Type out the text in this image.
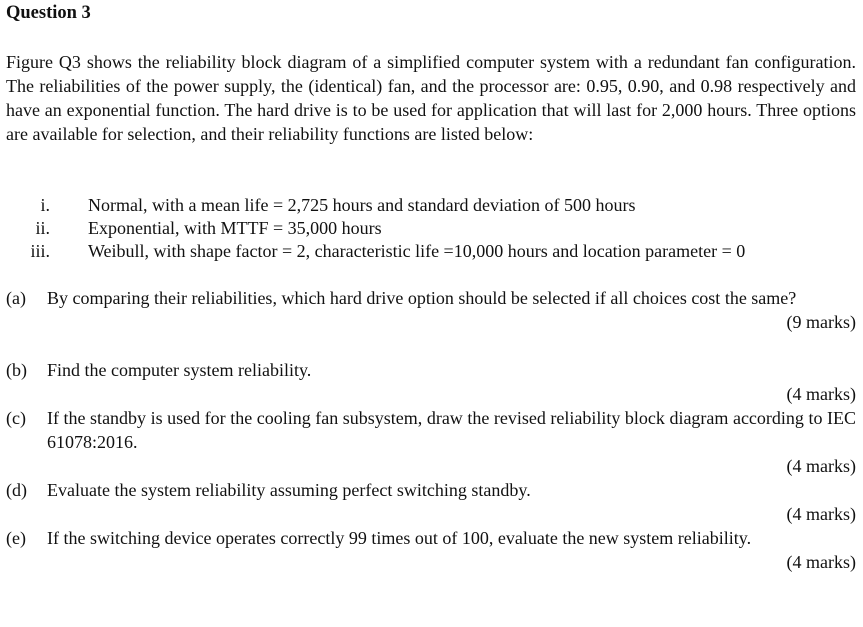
Question 3
Figure Q3 shows the reliability block diagram of a simplified computer system with a redundant fan configuration. The reliabilities of the power supply, the (identical) fan, and the processor are: 0.95, 0.90, and 0.98 respectively and have an exponential function. The hard drive is to be used for application that will last for 2,000 hours. Three options are available for selection, and their reliability functions are listed below:
i. Normal, with a mean life = 2,725 hours and standard deviation of 500 hours
ii. Exponential, with MTTF = 35,000 hours
iii. Weibull, with shape factor = 2, characteristic life =10,000 hours and location parameter = 0
(a) By comparing their reliabilities, which hard drive option should be selected if all choices cost the same?
(9 marks)
(b) Find the computer system reliability.
(4 marks)
(c) If the standby is used for the cooling fan subsystem, draw the revised reliability block diagram according to IEC 61078:2016.
(4 marks)
(d) Evaluate the system reliability assuming perfect switching standby.
(4 marks)
(e) If the switching device operates correctly 99 times out of 100, evaluate the new system reliability.
(4 marks)
